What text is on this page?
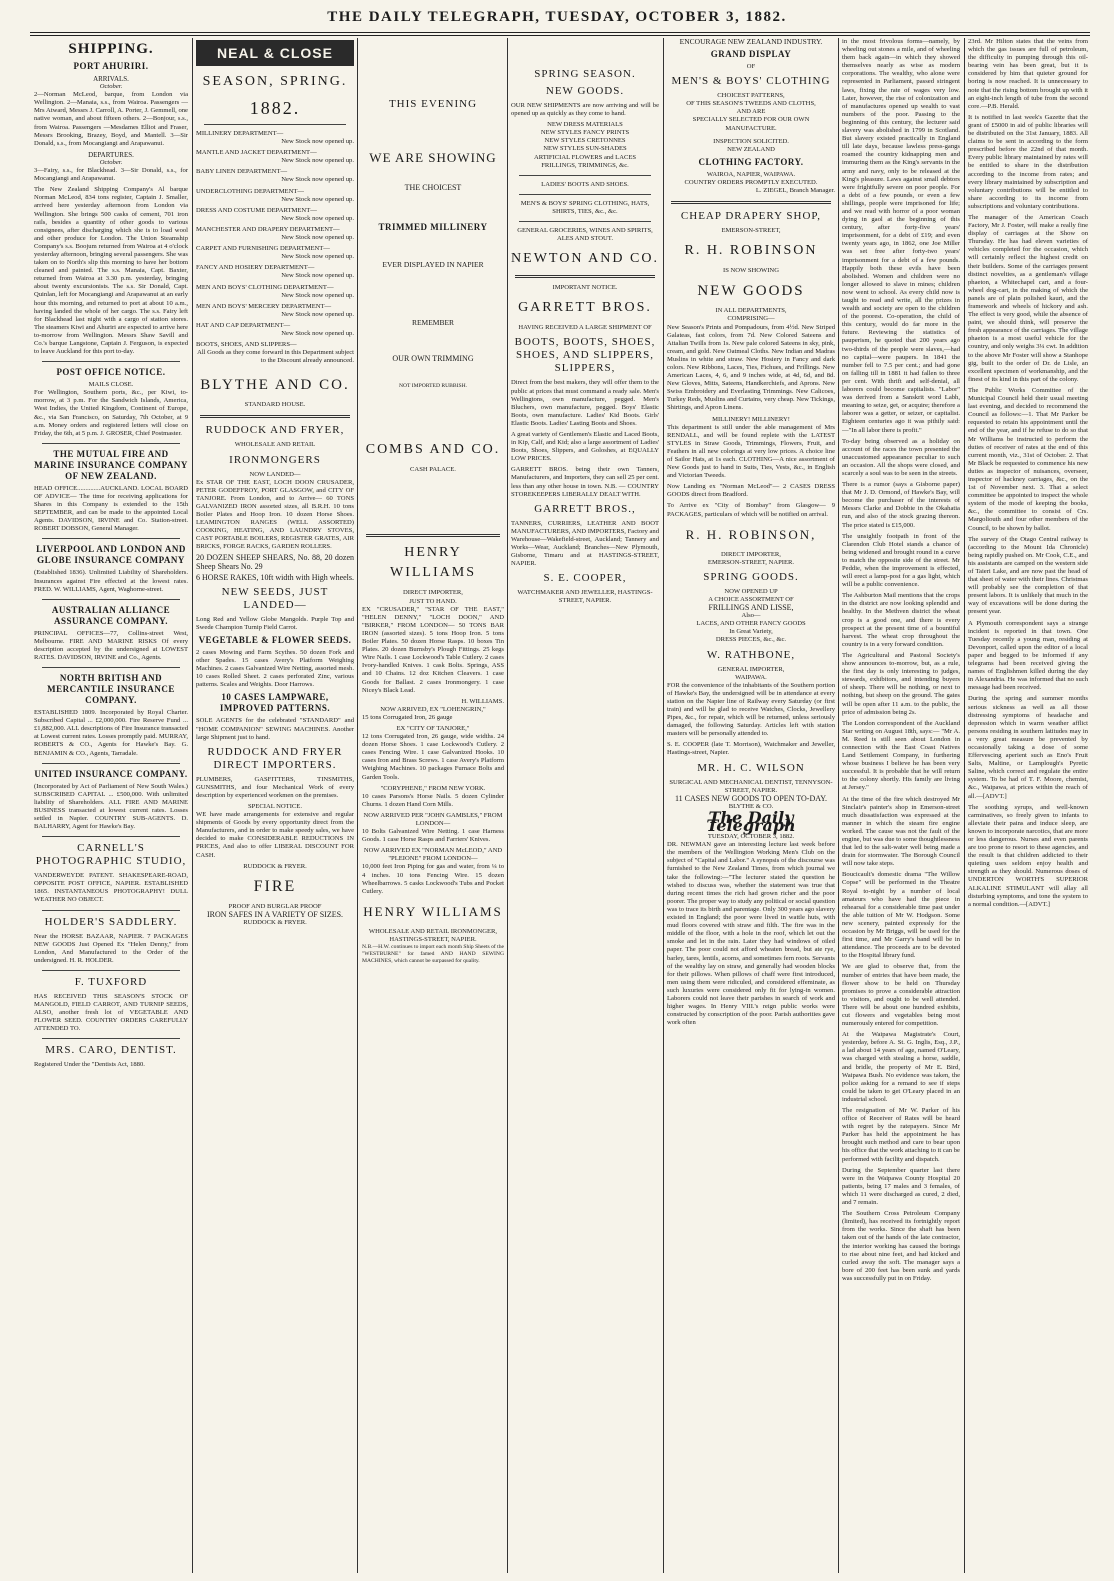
THE DAILY TELEGRAPH, TUESDAY, OCTOBER 3, 1882.
SHIPPING.
PORT AHURIRI.
ARRIVALS.
October.

2—Norman McLeod, barque, from London via Wellington. 2—Manaia, s.s., from Wairoa. Passengers —Mrs Atward, Messrs J. Carroll, A. Porter, J. Gemmell, one native woman, and about fifteen others. 2—Bonjour, s.s., from Wairoa. Passengers —Mesdames Elliot and Fraser, Messrs Brooking, Brazey, Boyd, and Mantell. 3—Sir Donald, s.s., from Mocangiangi and Arapawanui.

DEPARTURES.
October.

3—Fairy, s.s., for Blackhead. 3—Sir Donald, s.s., for Mocangiangi and Arapawanui.

The New Zealand Shipping Company's Al barque Norman McLeod, 834 tons register, Captain J. Smaller, arrived here yesterday afternoon from London via Wellington. She brings 500 casks of cement, 701 iron rails, besides a quantity of other goods to various consignees, after discharging which she is to load wool and other produce for London. The Union Steamship Company's s.s. Boojum returned from Wairoa at 4 o'clock yesterday afternoon, bringing several passengers. She was taken on to North's slip this morning to have her bottom cleaned and painted. The s.s. Manaia, Capt. Baxter, returned from Wairoa at 3.30 p.m. yesterday, bringing about twenty excursionists. The s.s. Sir Donald, Capt. Quinlan, left for Mocangiangi and Arapawanui at an early hour this morning, and returned to port at about 10 a.m., having landed the whole of her cargo. The s.s. Fairy left for Blackhead last night with a cargo of station stores. The steamers Kiwi and Ahuriri are expected to arrive here to-morrow from Wellington. Messrs Shaw Savill and Co.'s barque Langstone, Captain J. Ferguson, is expected to leave Auckland for this port to-day.

POST OFFICE NOTICE.
MAILS CLOSE.

For Wellington, Southern ports, &c., per Kiwi, to-morrow, at 3 p.m. For the Sandwich Islands, America, West Indies, the United Kingdom, Continent of Europe, &c., via San Francisco, on Saturday, 7th October, at 9 a.m. Money orders and registered letters will close on Friday, the 6th, at 5 p.m. J. GROSER, Chief Postmaster.

THE MUTUAL FIRE AND MARINE INSURANCE COMPANY OF NEW ZEALAND.

HEAD OFFICE..............AUCKLAND. LOCAL BOARD OF ADVICE— The time for receiving applications for Shares in this Company is extended to the 15th SEPTEMBER, and can be made to the appointed Local Agents. DAVIDSON, IRVINE and Co. Station-street. ROBERT DOBSON, General Manager.

LIVERPOOL AND LONDON AND GLOBE INSURANCE COMPANY

(Established 1836). Unlimited Liability of Shareholders. Insurances against Fire effected at the lowest rates. FRED. W. WILLIAMS, Agent, Waghorne-street.

AUSTRALIAN ALLIANCE ASSURANCE COMPANY.

PRINCIPAL OFFICES—77, Collins-street West, Melbourne. FIRE AND MARINE RISKS Of every description accepted by the undersigned at LOWEST RATES. DAVIDSON, IRVINE and Co., Agents.

NORTH BRITISH AND MERCANTILE INSURANCE COMPANY.

ESTABLISHED 1809. Incorporated by Royal Charter. Subscribed Capital ... £2,000,000. Fire Reserve Fund ... £1,882,000. ALL descriptions of Fire Insurance transacted at Lowest current rates. Losses promptly paid. MURRAY, ROBERTS & CO., Agents for Hawke's Bay. G. BENJAMIN & CO., Agents, Tarradale.

UNITED INSURANCE COMPANY.

(Incorporated by Act of Parliament of New South Wales.) SUBSCRIBED CAPITAL ... £500,000. With unlimited liability of Shareholders. ALL FIRE AND MARINE BUSINESS transacted at lowest current rates. Losses settled in Napier. COUNTRY SUB-AGENTS. D. BALHARRY, Agent for Hawke's Bay.

CARNELL'S PHOTOGRAPHIC STUDIO,

VANDERWEYDE PATENT. SHAKESPEARE-ROAD, OPPOSITE POST OFFICE, NAPIER. ESTABLISHED 1865. INSTANTANEOUS PHOTOGRAPHY! DULL WEATHER NO OBJECT.

HOLDER'S SADDLERY.

Near the HORSE BAZAAR, NAPIER. 7 PACKAGES NEW GOODS Just Opened Ex "Helen Denny," from London, And Manufactured to the Order of the undersigned. H. R. HOLDER.

F. TUXFORD

HAS RECEIVED THIS SEASON'S STOCK OF MANGOLD, FIELD CARROT, AND TURNIP SEEDS, ALSO, another fresh lot of VEGETABLE AND FLOWER SEED. COUNTRY ORDERS CAREFULLY ATTENDED TO.

MRS. CARO, DENTIST.

Registered Under the "Dentists Act, 1880.

NEAL & CLOSE
SEASON, SPRING.
1882.
MILLINERY DEPARTMENT—
New Stock now opened up.
MANTLE AND JACKET DEPARTMENT—
New Stock now opened up.
BABY LINEN DEPARTMENT—
New Stock now opened up.
UNDERCLOTHING DEPARTMENT—
New Stock now opened up.
DRESS AND COSTUME DEPARTMENT—
New Stock now opened up.
MANCHESTER AND DRAPERY DEPARTMENT—
New Stock now opened up.
CARPET AND FURNISHING DEPARTMENT—
New Stock now opened up.
FANCY AND HOSIERY DEPARTMENT—
New Stock now opened up.
MEN AND BOYS' CLOTHING DEPARTMENT—
New Stock now opened up.
MEN AND BOYS' MERCERY DEPARTMENT—
New Stock now opened up.
HAT AND CAP DEPARTMENT—
New Stock now opened up.
BOOTS, SHOES, AND SLIPPERS—
All Goods as they come forward in this Department subject to the Discount already announced.
BLYTHE AND CO.
STANDARD HOUSE.
RUDDOCK AND FRYER,
WHOLESALE AND RETAIL
IRONMONGERS
NOW LANDED—

Ex STAR OF THE EAST, LOCH DOON CRUSADER, PETER GODEFFROY, PORT GLASGOW, and CITY OF TANJORE. From London, and to Arrive— 60 TONS GALVANIZED IRON assorted sizes, all B.R.H. 10 tons Boiler Plates and Hoop Iron. 10 dozen Horse Shoes. LEAMINGTON RANGES (WELL ASSORTED) COOKING, HEATING, AND LAUNDRY STOVES, CAST PORTABLE BOILERS, REGISTER GRATES, AIR BRICKS, FORGE RACKS, GARDEN ROLLERS.

20 DOZEN SHEEP SHEARS, No. 88, 20 dozen Sheep Shears No. 29

6 HORSE RAKES, 10ft width with High wheels.

NEW SEEDS, JUST LANDED—

Long Red and Yellow Globe Mangolds. Purple Top and Swede Champion Turnip Field Carrot.

VEGETABLE & FLOWER SEEDS.

2 cases Mowing and Farm Scythes. 50 dozen Fork and other Spades. 15 cases Avery's Platform Weighing Machines. 2 cases Galvanized Wire Netting, assorted mesh. 10 cases Rolled Sheet. 2 cases perforated Zinc, various patterns. Scales and Weights. Door Harrows.

10 CASES LAMPWARE, IMPROVED PATTERNS.

SOLE AGENTS for the celebrated "STANDARD" and "HOME COMPANION" SEWING MACHINES. Another large Shipment just to hand.

RUDDOCK AND FRYER DIRECT IMPORTERS.

PLUMBERS, GASFITTERS, TINSMITHS, GUNSMITHS, and four Mechanical Work of every description by experienced workmen on the premises.

SPECIAL NOTICE.

WE have made arrangements for extensive and regular shipments of Goods by every opportunity direct from the Manufacturers, and in order to make speedy sales, we have decided to make CONSIDERABLE REDUCTIONS IN PRICES, And also to offer LIBERAL DISCOUNT FOR CASH.

RUDDOCK & FRYER.
FIRE
PROOF AND BURGLAR PROOF
IRON SAFES IN A VARIETY OF SIZES.
RUDDOCK & FRYER.
THIS EVENING
WE ARE SHOWING
THE CHOICEST
TRIMMED MILLINERY
EVER DISPLAYED IN NAPIER
REMEMBER
OUR OWN TRIMMING
NOT IMPORTED RUBBISH.
COMBS AND CO.
CASH PALACE.
HENRY WILLIAMS
DIRECT IMPORTER,
JUST TO HAND.

EX "CRUSADER," "STAR OF THE EAST," "HELEN DENNY," "LOCH DOON," AND "BIRKER," FROM LONDON— 50 TONS BAR IRON (assorted sizes). 5 tons Hoop Iron. 5 tons Boiler Plates. 50 dozen Horse Rasps. 10 boxes Tin Plates. 20 dozen Burnsby's Plough Fittings. 25 kegs Wire Nails. 1 case Lockwood's Table Cutlery. 2 cases Ivory-handled Knives. 1 cask Bolts. Springs, ASS and 10 Chains. 12 doz Kitchen Cleavers. 1 case Goods for Ballast. 2 cases Ironmongery. 1 case Nicey's Black Lead.

H. WILLIAMS.
NOW ARRIVED, EX "LOHENGRIN,"

15 tons Corrugated Iron, 26 gauge

EX "CITY OF TANJORE,"

12 tons Corrugated Iron, 26 gauge, wide widths. 24 dozen Horse Shoes. 1 case Lockwood's Cutlery. 2 cases Fencing Wire. 1 case Galvanized Hooks. 10 cases Iron and Brass Screws. 1 case Avery's Platform Weighing Machines. 10 packages Furnace Bolts and Garden Tools.

"CORYPHENE," FROM NEW YORK.

10 cases Parsons's Horse Nails. 5 dozen Cylinder Churns. 1 dozen Hand Corn Mills.

NOW ARRIVED PER "JOHN GAMBLES," FROM LONDON—

10 Bolts Galvanized Wire Netting. 1 case Harness Goods. 1 case Horse Rasps and Farriers' Knives.

NOW ARRIVED EX "NORMAN McLEOD," AND "PLEIONE" FROM LONDON—

10,000 feet Iron Piping for gas and water, from ¼ to 4 inches. 10 tons Fencing Wire. 15 dozen Wheelbarrows. 5 casks Lockwood's Tubs and Pocket Cutlery.

HENRY WILLIAMS
WHOLESALE AND RETAIL IRONMONGER, HASTINGS-STREET, NAPIER.

N.B.—H.W. continues to import each month Ship Sheets of the "WESTBURNE" for famed AND HAND SEWING MACHINES, which cannot be surpassed for quality.

SPRING SEASON.
NEW GOODS.

OUR NEW SHIPMENTS are now arriving and will be opened up as quickly as they come to hand.

NEW DRESS MATERIALS
NEW STYLES FANCY PRINTS
NEW STYLES CRETONNES
NEW STYLES SUN-SHADES
ARTIFICIAL FLOWERS and LACES
FRILLINGS, TRIMMINGS, &c.
LADIES' BOOTS AND SHOES.
MEN'S & BOYS' SPRING CLOTHING, HATS, SHIRTS, TIES, &c., &c.
GENERAL GROCERIES, WINES AND SPIRITS, ALES AND STOUT.
NEWTON AND CO.
IMPORTANT NOTICE.
GARRETT BROS.
HAVING RECEIVED A LARGE SHIPMENT OF
BOOTS, BOOTS, SHOES, SHOES, AND SLIPPERS, SLIPPERS,

Direct from the best makers, they will offer them to the public at prices that must command a ready sale. Men's Wellingtons, own manufacture, pegged. Men's Bluchers, own manufacture, pegged. Boys' Elastic Boots, own manufacture. Ladies' Kid Boots. Girls' Elastic Boots. Ladies' Lasting Boots and Shoes.

A great variety of Gentlemen's Elastic and Laced Boots, in Kip, Calf, and Kid; also a large assortment of Ladies' Boots, Shoes, Slippers, and Goloshes, at EQUALLY LOW PRICES.

GARRETT BROS. being their own Tanners, Manufacturers, and Importers, they can sell 25 per cent. less than any other house in town. N.B. — COUNTRY STOREKEEPERS LIBERALLY DEALT WITH.

GARRETT BROS.,

TANNERS, CURRIERS, LEATHER AND BOOT MANUFACTURERS, AND IMPORTERS, Factory and Warehouse—Wakefield-street, Auckland; Tannery and Works—Wear, Auckland; Branches—New Plymouth, Gisborne, Timaru and at HASTINGS-STREET, NAPIER.

S. E. COOPER,
WATCHMAKER AND JEWELLER, HASTINGS-STREET, NAPIER.
ENCOURAGE NEW ZEALAND INDUSTRY.
GRAND DISPLAY
OF
MEN'S & BOYS' CLOTHING
CHOICEST PATTERNS,
OF THIS SEASON'S TWEEDS AND CLOTHS,
AND ARE
SPECIALLY SELECTED FOR OUR OWN MANUFACTURE.
INSPECTION SOLICITED.
NEW ZEALAND
CLOTHING FACTORY.
WAIROA, NAPIER, WAIPAWA.
COUNTRY ORDERS PROMPTLY EXECUTED.
L. ZIEGEL, Branch Manager.
CHEAP DRAPERY SHOP,
EMERSON-STREET,
R. H. ROBINSON
IS NOW SHOWING
NEW GOODS
IN ALL DEPARTMENTS,
COMPRISING—

New Season's Prints and Pompadours, from 4½d. New Striped Galateas, fast colors, from 7d. New Colored Sateens and Attalian Twills from 1s. New pale colored Sateens in sky, pink, cream, and gold. New Oatmeal Cloths. New Indian and Madras Muslins in white and straw. New Hosiery in Fancy and dark colors. New Ribbons, Laces, Ties, Fichues, and Frillings. New American Laces, 4, 6, and 9 inches wide, at 4d, 6d, and 8d. New Gloves, Mitts, Sateens, Handkerchiefs, and Aprons. New Swiss Embroidery and Everlasting Trimmings. New Calicoes, Turkey Reds, Muslins and Curtains, very cheap. New Tickings, Shirtings, and Apron Linens.

MILLINERY! MILLINERY!

This department is still under the able management of Mrs RENDALL, and will be found replete with the LATEST STYLES in Straw Goods, Trimmings, Flowers, Fruit, and Feathers in all new colorings at very low prices. A choice line of Sailor Hats, at 1s each. CLOTHING—A nice assortment of New Goods just to hand in Suits, Ties, Vests, &c., in English and Victorian Tweeds.

Now Landing ex "Norman McLeod"— 2 CASES DRESS GOODS direct from Bradford.

To Arrive ex "City of Bombay" from Glasgow— 9 PACKAGES, particulars of which will be notified on arrival.

R. H. ROBINSON,
DIRECT IMPORTER,
EMERSON-STREET, NAPIER.
SPRING GOODS.
NOW OPENED UP
A CHOICE ASSORTMENT OF
FRILLINGS AND LISSE,
Also—
LACES, AND OTHER FANCY GOODS
In Great Variety,
DRESS PIECES, &c., &c.
W. RATHBONE,
GENERAL IMPORTER,
WAIPAWA.

FOR the convenience of the inhabitants of the Southern portion of Hawke's Bay, the undersigned will be in attendance at every station on the Napier line of Railway every Saturday (or first train) and will be glad to receive Watches, Clocks, Jewellery Pipes, &c., for repair, which will be returned, unless seriously damaged, the following Saturday. Articles left with station masters will be personally attended to.

S. E. COOPER (late T. Morrison), Watchmaker and Jeweller, Hastings-street, Napier.

MR. H. C. WILSON
SURGICAL AND MECHANICAL DENTIST, TENNYSON-STREET, NAPIER.
11 CASES NEW GOODS TO OPEN TO-DAY.
BLYTHE & CO.
The Daily Telegraph
TUESDAY, OCTOBER 3, 1882.

DR. NEWMAN gave an interesting lecture last week before the members of the Wellington Working Men's Club on the subject of "Capital and Labor." A synopsis of the discourse was furnished to the New Zealand Times, from which journal we take the following:—"The lecturer stated the question he wished to discuss was, whether the statement was true that during recent times the rich had grown richer and the poor poorer. The proper way to study any political or social question was to trace its birth and parentage. Only 300 years ago slavery existed in England; the poor were lived in wattle huts, with mud floors covered with straw and filth. The fire was in the middle of the floor, with a hole in the roof, which let out the smoke and let in the rain. Later they had windows of oiled paper. The poor could not afford wheaten bread, but ate rye, barley, tares, lentils, acorns, and sometimes fern roots. Servants of the wealthy lay on straw, and generally had wooden blocks for their pillows. When pillows of chaff were first introduced, men using them were ridiculed, and considered effeminate, as such luxuries were considered only fit for lying-in women. Laborers could not leave their parishes in search of work and higher wages. In Henry VIII.'s reign public works were constructed by conscription of the poor. Parish authorities gave work often

in the most frivolous forms—namely, by wheeling out stones a mile, and of wheeling them back again—in which they showed themselves nearly as wise as modern corporations. The wealthy, who alone were represented in Parliament, passed stringent laws, fixing the rate of wages very low. Later, however, the rise of colonization and of manufactures opened up wealth to vast numbers of the poor. Passing to the beginning of this century, the lecturer said slavery was abolished in 1799 in Scotland. But slavery existed practically in England till late days, because lawless press-gangs roamed the country kidnapping men and immuring them as the King's servants in the army and navy, only to be released at the King's pleasure. Laws against small debtors were frightfully severe on poor people. For a debt of a few pounds, or even a few shillings, people were imprisoned for life; and we read with horror of a poor woman dying in gaol at the beginning of this century, after forty-five years' imprisonment, for a debt of £19; and even twenty years ago, in 1862, one Joe Miller was set free after forty-two years' imprisonment for a debt of a few pounds. Happily both these evils have been abolished. Women and children were no longer allowed to slave in mines; children now went to school. As every child now is taught to read and write, all the prizes in wealth and society are open to the children of the poorest. Co-operation, the child of this century, would do far more in the future. Reviewing the statistics of pauperism, he quoted that 200 years ago two-thirds of the people were slaves,—had no capital—were paupers. In 1841 the number fell to 7.5 per cent.; and had gone on falling till in 1881 it had fallen to three per cent. With thrift and self-denial, all laborers could become capitalists. "Labor" was derived from a Sanskrit word Labh, meaning to seize, get, or acquire; therefore a laborer was a getter, or seizer, or capitalist. Eighteen centuries ago it was pithily said:—"In all labor there is profit."

To-day being observed as a holiday on account of the races the town presented the unaccustomed appearance peculiar to such an occasion. All the shops were closed, and scarcely a soul was to be seen in the streets.

There is a rumor (says a Gisborne paper) that Mr J. D. Ormond, of Hawke's Bay, will become the purchaser of the interests of Messrs Clarke and Dobbie in the Okahatia run, and also of the stock grazing thereon. The price stated is £15,000.

The unsightly footpath in front of the Clarendon Club Hotel stands a chance of being widened and brought round in a curve to match the opposite side of the street. Mr Peddie, when the improvement is effected, will erect a lamp-post for a gas light, which will be a public convenience.

The Ashburton Mail mentions that the crops in the district are now looking splendid and healthy. In the Methven district the wheat crop is a good one, and there is every prospect at the present time of a bountiful harvest. The wheat crop throughout the country is in a very forward condition.

The Agricultural and Pastoral Society's show announces to-morrow, but, as a rule, the first day is only interesting to judges, stewards, exhibitors, and intending buyers of sheep. There will be nothing, or next to nothing, but sheep on the ground. The gates will be open after 11 a.m. to the public, the price of admission being 2s.

The London correspondent of the Auckland Star writing on August 18th, says:— "Mr A. M. Reed is still seen about London in connection with the East Coast Natives Land Settlement Company, in furthering whose business I believe he has been very successful. It is probable that he will return to the colony shortly. His family are living at Jersey."

At the time of the fire which destroyed Mr Sinclair's painter's shop in Emerson-street much dissatisfaction was expressed at the manner in which the steam fire engine worked. The cause was not the fault of the engine, but was due to some thoughtlessness that led to the salt-water well being made a drain for stormwater. The Borough Council will now take steps.

Boucicault's domestic drama "The Willow Copse" will be performed in the Theatre Royal to-night by a number of local amateurs who have had the piece in rehearsal for a considerable time past under the able tuition of Mr W. Hodgson. Some new scenery, painted expressly for the occasion by Mr Briggs, will be used for the first time, and Mr Garry's band will be in attendance. The proceeds are to be devoted to the Hospital library fund.

We are glad to observe that, from the number of entries that have been made, the flower show to be held on Thursday promises to prove a considerable attraction to visitors, and ought to be well attended. There will be about one hundred exhibits, cut flowers and vegetables being most numerously entered for competition.

At the Waipawa Magistrate's Court, yesterday, before A. St. G. Inglis, Esq., J.P., a lad about 14 years of age, named O'Leary, was charged with stealing a horse, saddle, and bridle, the property of Mr E. Bird, Waipawa Bush. No evidence was taken, the police asking for a remand to see if steps could be taken to get O'Leary placed in an industrial school.

The resignation of Mr W. Parker of his office of Receiver of Rates will be heard with regret by the ratepayers. Since Mr Parker has held the appointment he has brought such method and care to bear upon his office that the work attaching to it can be performed with facility and dispatch.

During the September quarter last there were in the Waipawa County Hospital 20 patients, being 17 males and 3 females, of which 11 were discharged as cured, 2 died, and 7 remain.

The Southern Cross Petroleum Company (limited), has received its fortnightly report from the works. Since the shaft has been taken out of the hands of the late contractor, the interior working has caused the borings to rise about nine feet, and had kicked and curled away the soft. The manager says a bore of 200 feet has been sunk and yards was successfully put in on Friday.

23rd. Mr Hilton states that the veins from which the gas issues are full of petroleum, the difficulty in pumping through this oil-bearing vein has been great, but it is considered by him that quieter ground for boring is now reached. It is unnecessary to note that the rising bottom brought up with it an eight-inch length of tube from the second core.—P.B. Herald.

It is notified in last week's Gazette that the grant of £5000 in aid of public libraries will be distributed on the 31st January, 1883. All claims to be sent in according to the form prescribed before the 22nd of that month. Every public library maintained by rates will be entitled to share in the distribution according to the income from rates; and every library maintained by subscription and voluntary contributions will be entitled to share according to its income from subscriptions and voluntary contributions.

The manager of the American Coach Factory, Mr J. Foster, will make a really fine display of carriages at the Show on Thursday. He has had eleven varieties of vehicles completed for the occasion, which will certainly reflect the highest credit on their builders. Some of the carriages present distinct novelties, as a gentleman's village phaeton, a Whitechapel cart, and a four-wheel dog-cart, in the making of which the panels are of plain polished kauri, and the framework and wheels of hickory and ash. The effect is very good, while the absence of paint, we should think, will preserve the fresh appearance of the carriages. The village phaeton is a most useful vehicle for the country, and only weighs 3¼ cwt. In addition to the above Mr Foster will show a Stanhope gig, built to the order of Dr. de Lisle, an excellent specimen of workmanship, and the finest of its kind in this part of the colony.

The Public Works Committee of the Municipal Council held their usual meeting last evening, and decided to recommend the Council as follows:—1. That Mr Parker be requested to retain his appointment until the end of the year, and if he refuse to do so that Mr Williams be instructed to perform the duties of receiver of rates at the end of this current month, viz., 31st of October. 2. That Mr Black be requested to commence his new duties as inspector of nuisances, overseer, inspector of hackney carriages, &c., on the 1st of November next. 3. That a select committee be appointed to inspect the whole system of the mode of keeping the books, &c., the committee to consist of Crs. Margoliouth and four other members of the Council, to be shown by ballot.

The survey of the Otago Central railway is (according to the Mount Ida Chronicle) being rapidly pushed on. Mr Cook, C.E., and his assistants are camped on the western side of Taieri Lake, and are now past the head of that sheet of water with their lines. Christmas will probably see the completion of that present labors. It is unlikely that much in the way of excavations will be done during the present year.

A Plymouth correspondent says a strange incident is reported in that town. One Tuesday recently a young man, residing at Devonport, called upon the editor of a local paper and begged to be informed if any telegrams had been received giving the names of Englishmen killed during the day in Alexandria. He was informed that no such message had been received.

During the spring and summer months serious sickness as well as all those distressing symptoms of headache and depression which in warm weather afflict persons residing in southern latitudes may in a very great measure be prevented by occasionally taking a dose of some Effervescing aperient such as Eno's Fruit Salts, Maltine, or Lamplough's Pyretic Saline, which correct and regulate the entire system. To be had of T. F. Moore, chemist, &c., Waipawa, at prices within the reach of all.—[ADVT.]

The soothing syrups, and well-known carminatives, so freely given to infants to alleviate their pains and induce sleep, are known to incorporate narcotics, that are more or less dangerous. Nurses and even parents are too prone to resort to these agencies, and the result is that children addicted to their quieting uses seldom enjoy health and strength as they should. Numerous doses of UNDERTON WORTH'S SUPERIOR ALKALINE STIMULANT will allay all disturbing symptoms, and tone the system to a normal condition.—[ADVT.]
